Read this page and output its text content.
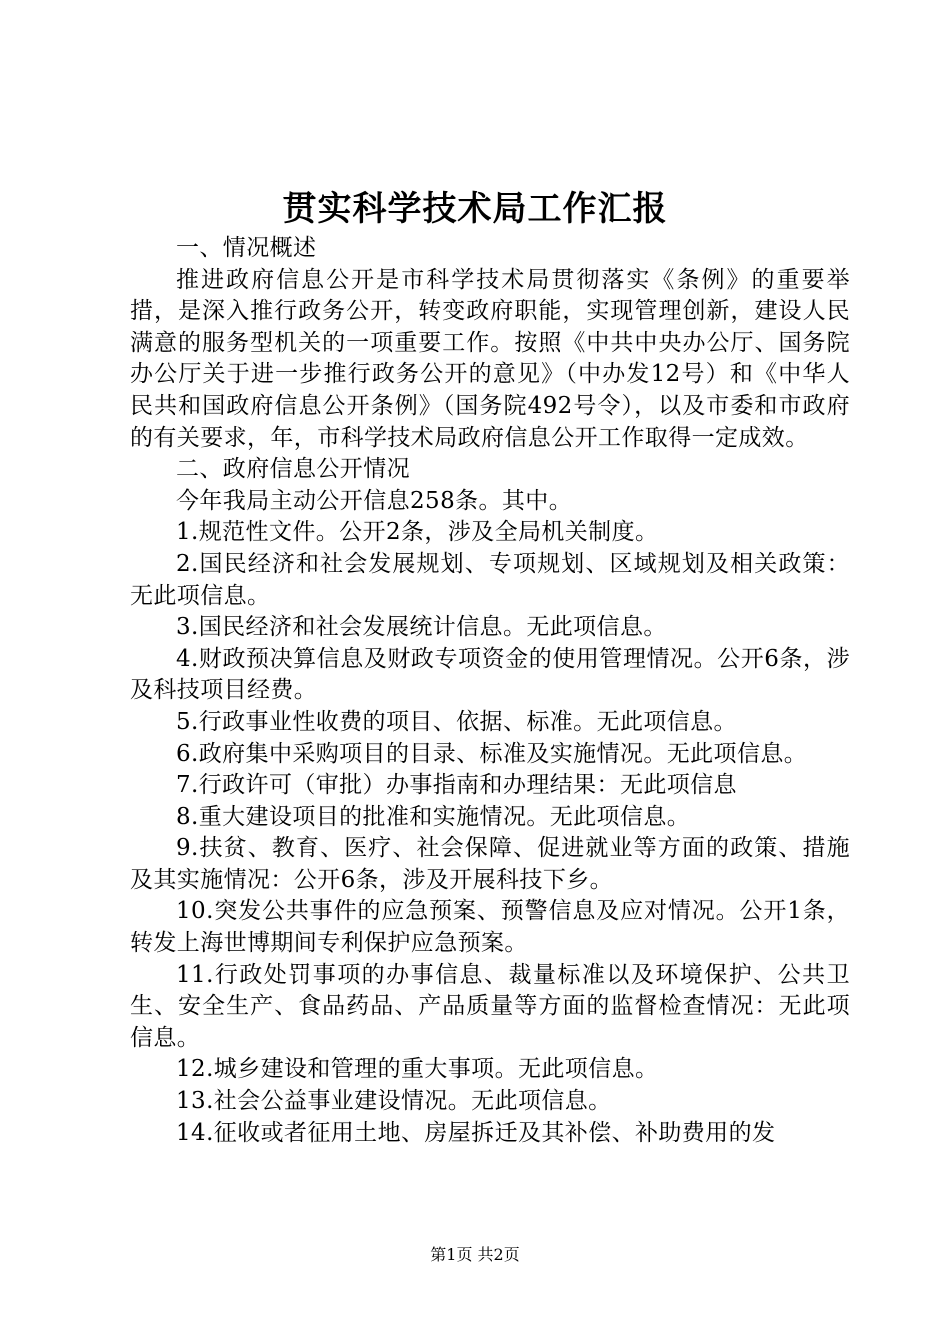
贯实科学技术局工作汇报

一、情况概述

推进政府信息公开是市科学技术局贯彻落实《条例》的重要举措，是深入推行政务公开，转变政府职能，实现管理创新，建设人民满意的服务型机关的一项重要工作。按照《中共中央办公厅、国务院办公厅关于进一步推行政务公开的意见》（中办发12号）和《中华人民共和国政府信息公开条例》（国务院492号令），以及市委和市政府的有关要求，年，市科学技术局政府信息公开工作取得一定成效。

二、政府信息公开情况

今年我局主动公开信息258条。其中。

1.规范性文件。公开2条，涉及全局机关制度。

2.国民经济和社会发展规划、专项规划、区域规划及相关政策：无此项信息。

3.国民经济和社会发展统计信息。无此项信息。

4.财政预决算信息及财政专项资金的使用管理情况。公开6条，涉及科技项目经费。

5.行政事业性收费的项目、依据、标准。无此项信息。

6.政府集中采购项目的目录、标准及实施情况。无此项信息。

7.行政许可（审批）办事指南和办理结果：无此项信息

8.重大建设项目的批准和实施情况。无此项信息。

9.扶贫、教育、医疗、社会保障、促进就业等方面的政策、措施及其实施情况：公开6条，涉及开展科技下乡。

10.突发公共事件的应急预案、预警信息及应对情况。公开1条，转发上海世博期间专利保护应急预案。

11.行政处罚事项的办事信息、裁量标准以及环境保护、公共卫生、安全生产、食品药品、产品质量等方面的监督检查情况：无此项信息。

12.城乡建设和管理的重大事项。无此项信息。

13.社会公益事业建设情况。无此项信息。

14.征收或者征用土地、房屋拆迁及其补偿、补助费用的发

第1页 共2页
